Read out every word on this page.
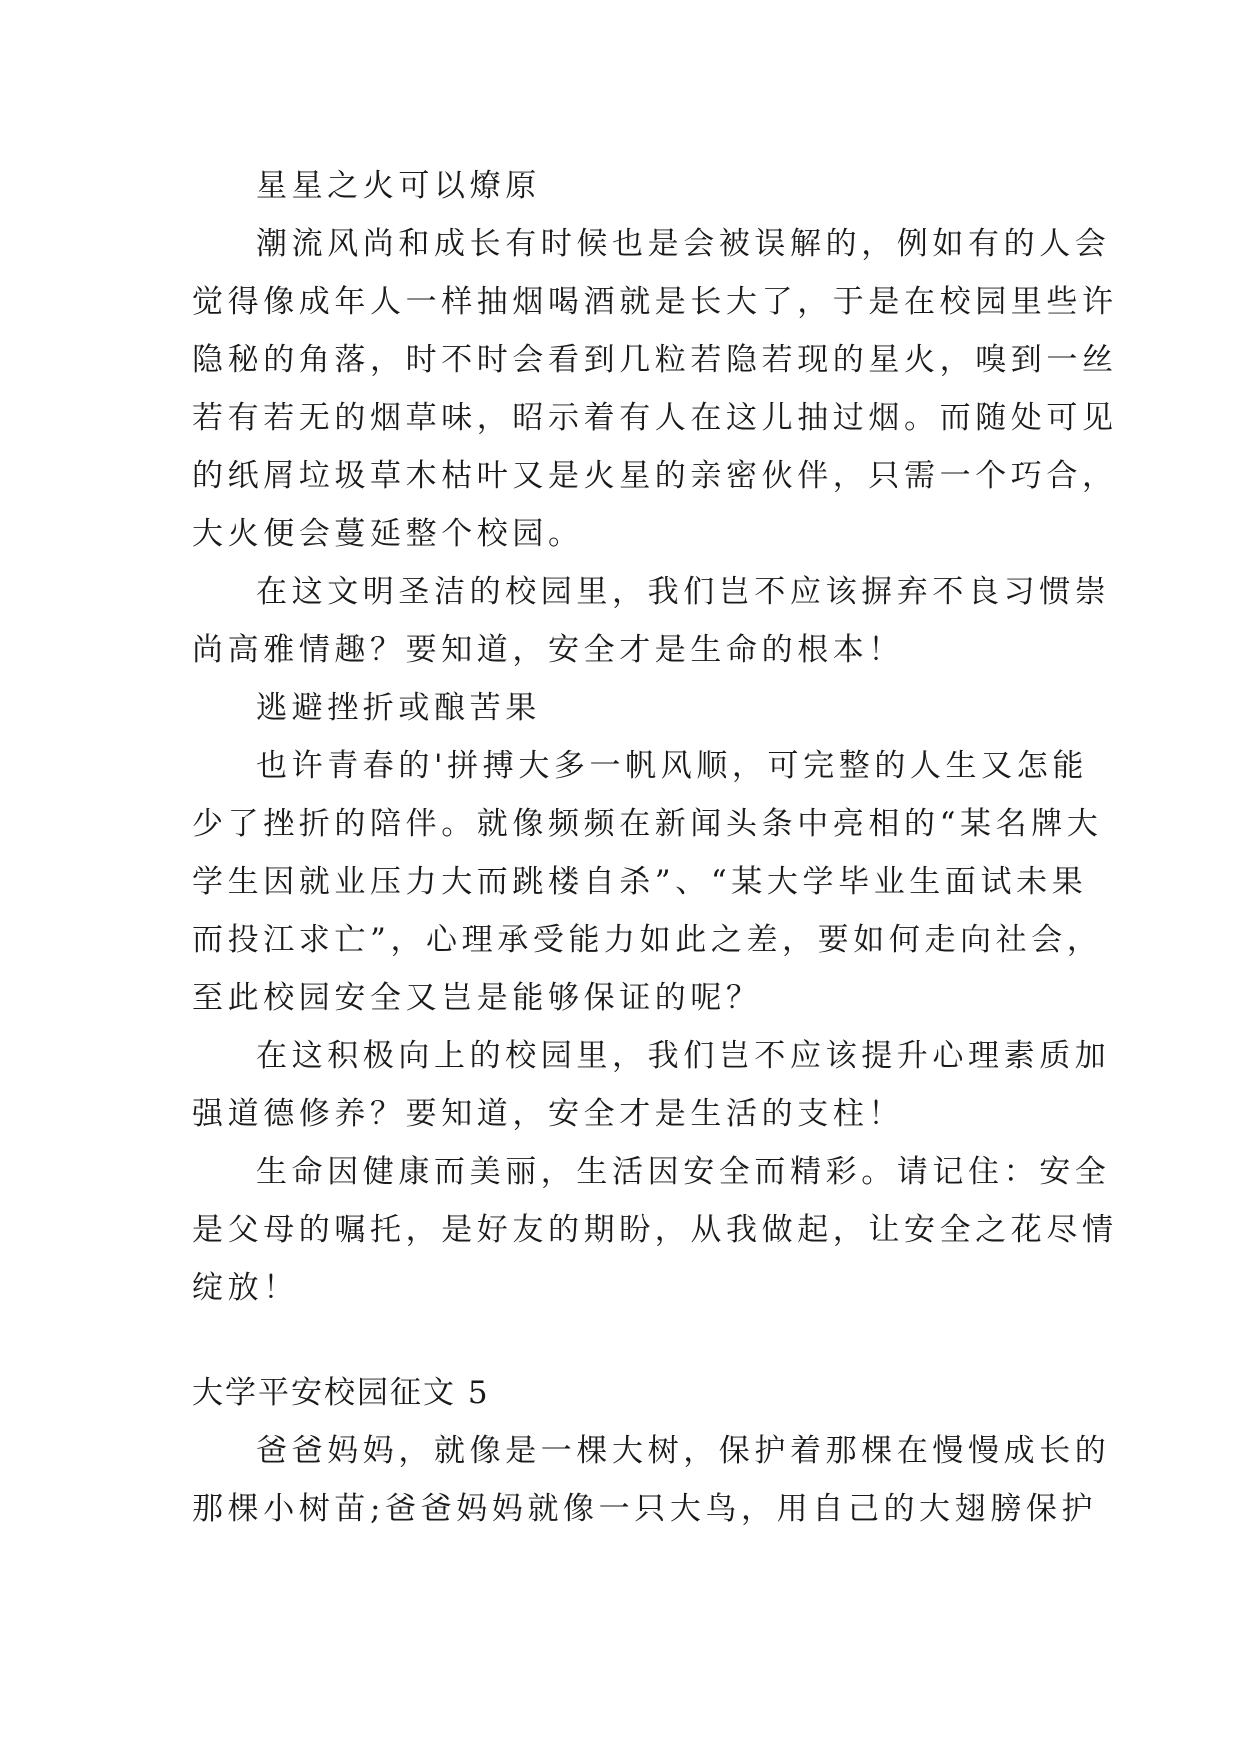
星星之火可以燎原
潮流风尚和成长有时候也是会被误解的，例如有的人会
觉得像成年人一样抽烟喝酒就是长大了，于是在校园里些许
隐秘的角落，时不时会看到几粒若隐若现的星火，嗅到一丝
若有若无的烟草味，昭示着有人在这儿抽过烟。而随处可见
的纸屑垃圾草木枯叶又是火星的亲密伙伴，只需一个巧合，
大火便会蔓延整个校园。
在这文明圣洁的校园里，我们岂不应该摒弃不良习惯崇
尚高雅情趣？要知道，安全才是生命的根本！
逃避挫折或酿苦果
也许青春的'拼搏大多一帆风顺，可完整的人生又怎能
少了挫折的陪伴。就像频频在新闻头条中亮相的“某名牌大
学生因就业压力大而跳楼自杀”、“某大学毕业生面试未果
而投江求亡”，心理承受能力如此之差，要如何走向社会，
至此校园安全又岂是能够保证的呢？
在这积极向上的校园里，我们岂不应该提升心理素质加
强道德修养？要知道，安全才是生活的支柱！
生命因健康而美丽，生活因安全而精彩。请记住：安全
是父母的嘱托，是好友的期盼，从我做起，让安全之花尽情
绽放！
大学平安校园征文 5
爸爸妈妈，就像是一棵大树，保护着那棵在慢慢成长的
那棵小树苗;爸爸妈妈就像一只大鸟，用自己的大翅膀保护
